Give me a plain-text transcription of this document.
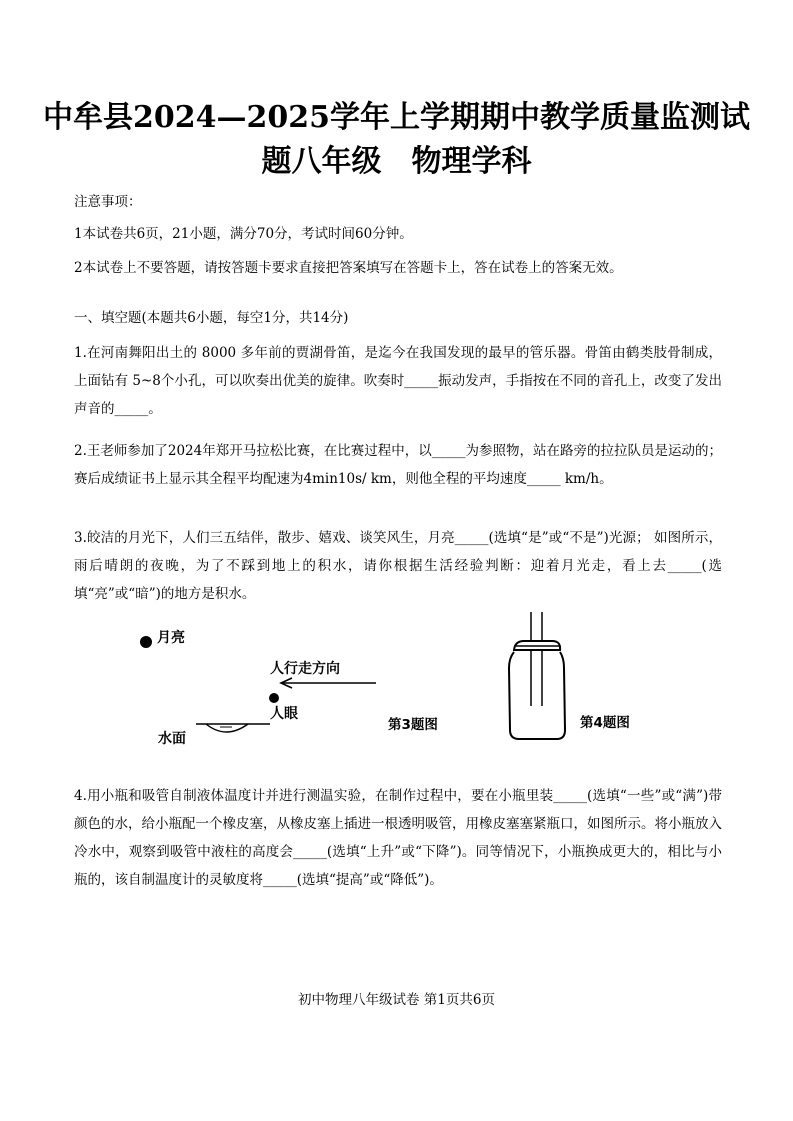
中牟县2024—2025学年上学期期中教学质量监测试
题八年级　物理学科
注意事项：
1本试卷共6页，21小题，满分70分，考试时间60分钟。
2本试卷上不要答题，请按答题卡要求直接把答案填写在答题卡上，答在试卷上的答案无效。
一、填空题(本题共6小题，每空1分，共14分)
1.在河南舞阳出土的 8000 多年前的贾湖骨笛，是迄今在我国发现的最早的管乐器。骨笛由鹤类肢骨制成，上面钻有 5~8个小孔，可以吹奏出优美的旋律。吹奏时_____振动发声，手指按在不同的音孔上，改变了发出声音的_____。
2.王老师参加了2024年郑开马拉松比赛，在比赛过程中，以_____为参照物，站在路旁的拉拉队员是运动的； 赛后成绩证书上显示其全程平均配速为4min10s/ km，则他全程的平均速度_____ km/h。
3.皎洁的月光下，人们三五结伴，散步、嬉戏、谈笑风生，月亮_____(选填“是”或“不是”)光源； 如图所示，雨后晴朗的夜晚，为了不踩到地上的积水，请你根据生活经验判断：迎着月光走，看上去_____(选填“亮”或“暗”)的地方是积水。
月亮
人行走方向
人眼
水面
第3题图	第4题图
4.用小瓶和吸管自制液体温度计并进行测温实验，在制作过程中，要在小瓶里装_____(选填“一些”或“满”)带颜色的水，给小瓶配一个橡皮塞，从橡皮塞上插进一根透明吸管，用橡皮塞塞紧瓶口，如图所示。将小瓶放入冷水中，观察到吸管中液柱的高度会_____(选填“上升”或“下降”)。同等情况下，小瓶换成更大的，相比与小瓶的，该自制温度计的灵敏度将_____(选填“提高”或“降低”)。
初中物理八年级试卷 第1页共6页
